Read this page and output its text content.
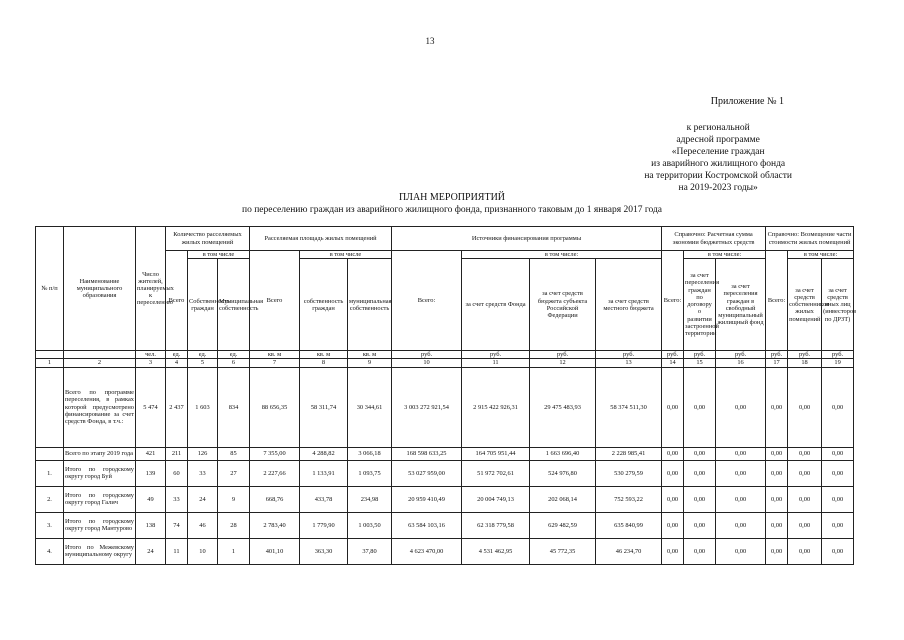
13
Приложение № 1
к региональной
адресной программе
«Переселение граждан
из аварийного жилищного фонда
на территории Костромской области
на 2019-2023 годы»
ПЛАН МЕРОПРИЯТИЙ
по переселению граждан из аварийного жилищного фонда, признанного таковым до 1 января 2017 года
№ п/п	Наименование муниципального образования	Число жителей, планируемых к переселению	Количество расселяемых жилых помещений			Расселяемая площадь жилых помещений			Источники финансирования программы				Справочно: Расчетная сумма экономии бюджетных средств			Справочно: Возмещение части стоимости жилых помещений		
			Всего	в том числе		Всего	в том числе		Всего:	в том числе:			Всего:	в том числе:		Всего:	в том числе:	
				Собственность граждан	Муниципальная собственность		собственность граждан	муниципальная собственность		за счет средств Фонда	за счет средств бюджета субъекта Российской Федерации	за счет средств местного бюджета		за счет переселения граждан по договору о развитии застроенной территории	за счет переселения граждан в свободный муниципальный жилищный фонд		за счет средств собственников жилых помещений	за счет средств иных лиц (инвесторов по ДРЗТ)
		чел.	ед.	ед.	ед.	кв. м	кв. м	кв. м	руб.	руб.	руб.	руб.	руб.	руб.	руб.	руб.	руб.	руб.
1	2	3	4	5	6	7	8	9	10	11	12	13	14	15	16	17	18	19
	Всего по программе переселения, в рамках которой предусмотрено финансирование за счет средств Фонда, в т.ч.:	5 474	2 437	1 603	834	88 656,35	58 311,74	30 344,61	3 003 272 921,54	2 915 422 926,31	29 475 483,93	58 374 511,30	0,00	0,00	0,00	0,00	0,00	0,00
	Всего по этапу 2019 года	421	211	126	85	7 355,00	4 288,82	3 066,18	168 598 633,25	164 705 951,44	1 663 696,40	2 228 985,41	0,00	0,00	0,00	0,00	0,00	0,00
1.	Итого по городскому округу город Буй	139	60	33	27	2 227,66	1 133,91	1 093,75	53 027 959,00	51 972 702,61	524 976,80	530 279,59	0,00	0,00	0,00	0,00	0,00	0,00
2.	Итого по городскому округу город Галич	49	33	24	9	668,76	433,78	234,98	20 959 410,49	20 004 749,13	202 068,14	752 593,22	0,00	0,00	0,00	0,00	0,00	0,00
3.	Итого по городскому округу город Мантурово	138	74	46	28	2 783,40	1 779,90	1 003,50	63 584 103,16	62 318 779,58	629 482,59	635 840,99	0,00	0,00	0,00	0,00	0,00	0,00
4.	Итого по Межевскому муниципальному округу	24	11	10	1	401,10	363,30	37,80	4 623 470,00	4 531 462,95	45 772,35	46 234,70	0,00	0,00	0,00	0,00	0,00	0,00
